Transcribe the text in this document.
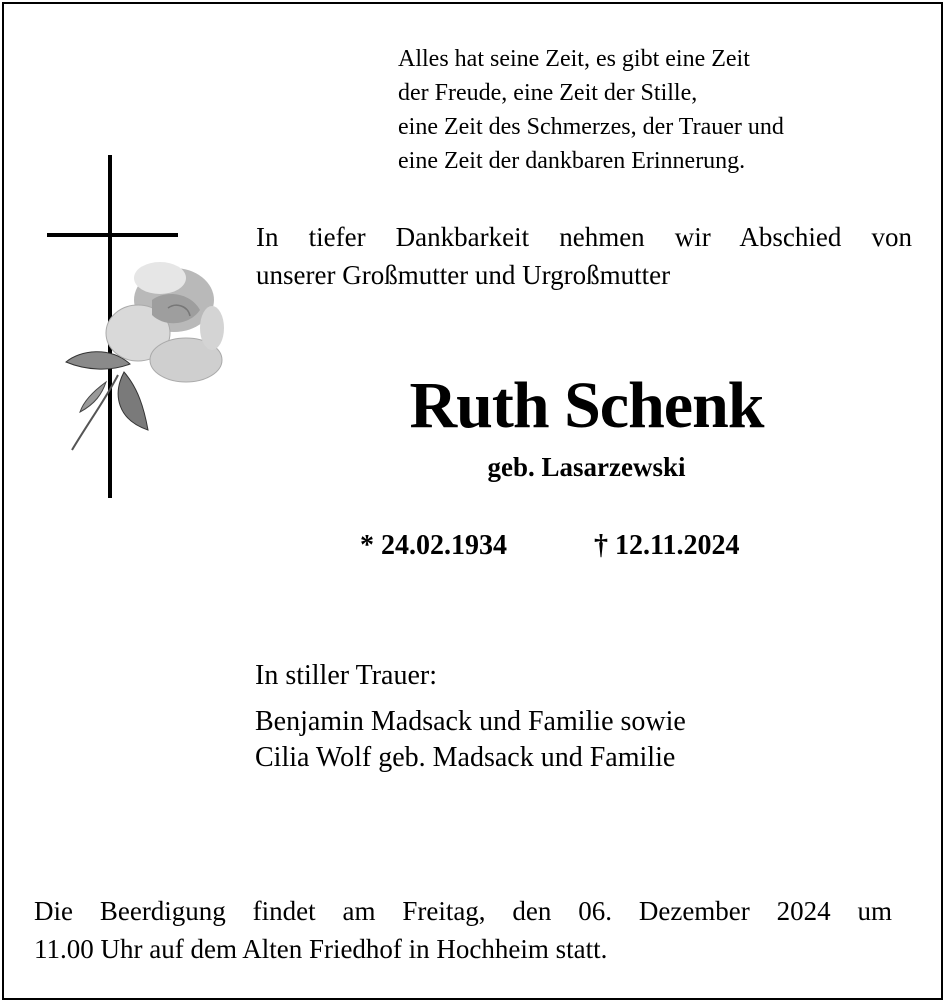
Alles hat seine Zeit, es gibt eine Zeit
der Freude, eine Zeit der Stille,
eine Zeit des Schmerzes, der Trauer und
eine Zeit der dankbaren Erinnerung.
In tiefer Dankbarkeit nehmen wir Abschied von
unserer Großmutter und Urgroßmutter
Ruth Schenk
geb. Lasarzewski
* 24.02.1934	† 12.11.2024
In stiller Trauer:
Benjamin Madsack und Familie sowie
Cilia Wolf geb. Madsack und Familie
Die Beerdigung findet am Freitag, den 06. Dezember 2024 um
11.00 Uhr auf dem Alten Friedhof in Hochheim statt.
